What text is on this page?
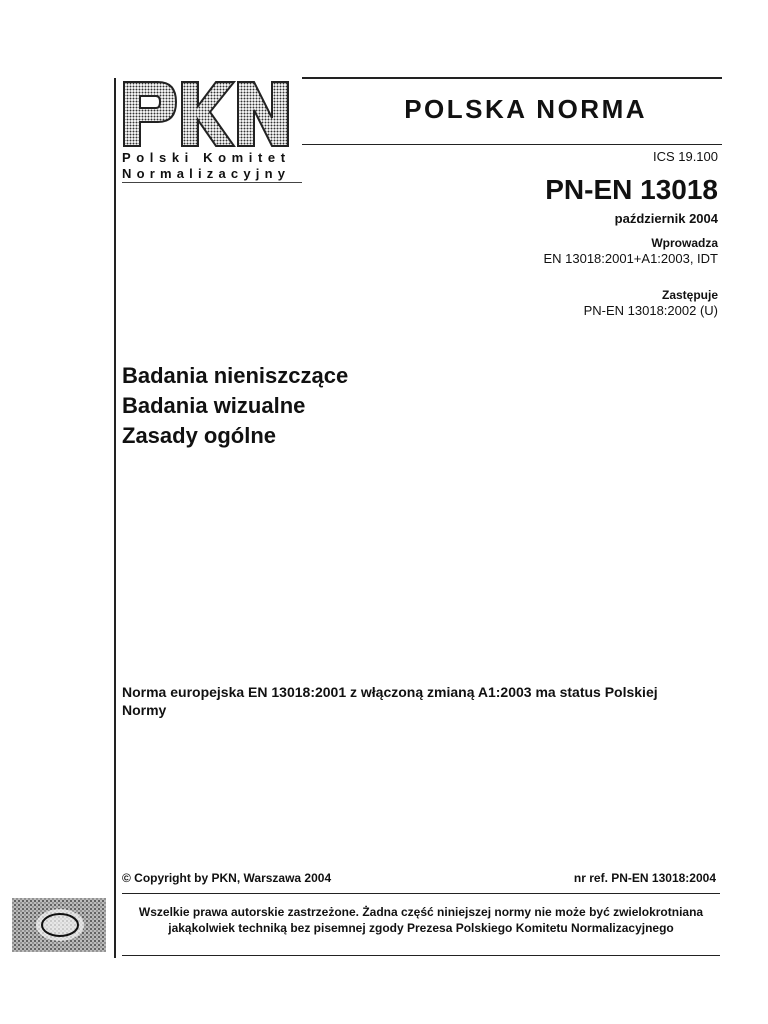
Polski Komitet
Normalizacyjny
POLSKA NORMA
ICS 19.100
PN-EN 13018
październik 2004
Wprowadza
EN 13018:2001+A1:2003, IDT
Zastępuje
PN-EN 13018:2002 (U)
Badania nieniszczące
Badania wizualne
Zasady ogólne
Norma europejska EN 13018:2001 z włączoną zmianą A1:2003 ma status Polskiej Normy
© Copyright by PKN, Warszawa 2004	nr ref. PN-EN 13018:2004
Wszelkie prawa autorskie zastrzeżone. Żadna część niniejszej normy nie może być zwielokrotniana jakąkolwiek techniką bez pisemnej zgody Prezesa Polskiego Komitetu Normalizacyjnego
